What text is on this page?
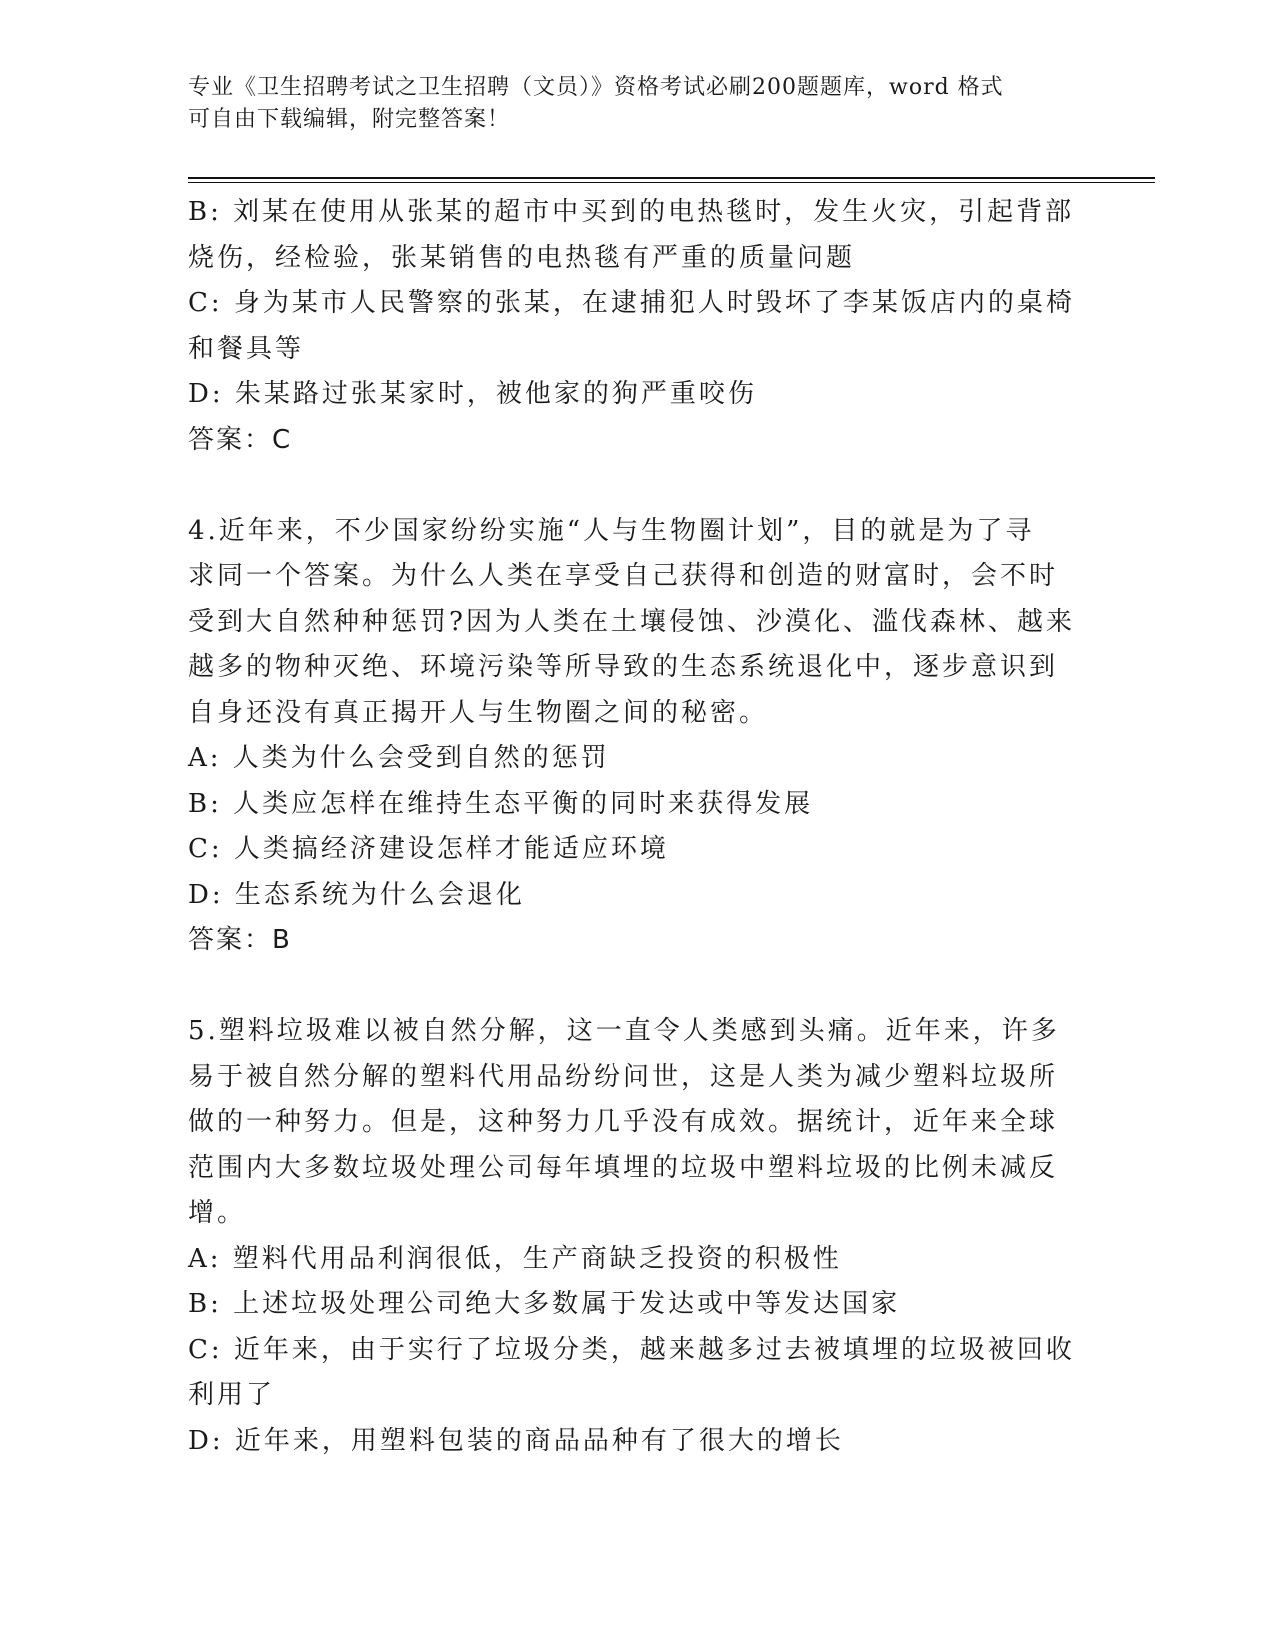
专业《卫生招聘考试之卫生招聘（文员）》资格考试必刷200题题库，word 格式
可自由下载编辑，附完整答案！
B: 刘某在使用从张某的超市中买到的电热毯时，发生火灾，引起背部
烧伤，经检验，张某销售的电热毯有严重的质量问题
C: 身为某市人民警察的张某，在逮捕犯人时毁坏了李某饭店内的桌椅
和餐具等
D: 朱某路过张某家时，被他家的狗严重咬伤
答案：C
4.近年来，不少国家纷纷实施“人与生物圈计划”，目的就是为了寻
求同一个答案。为什么人类在享受自己获得和创造的财富时，会不时
受到大自然种种惩罚?因为人类在土壤侵蚀、沙漠化、滥伐森林、越来
越多的物种灭绝、环境污染等所导致的生态系统退化中，逐步意识到
自身还没有真正揭开人与生物圈之间的秘密。
A: 人类为什么会受到自然的惩罚
B: 人类应怎样在维持生态平衡的同时来获得发展
C: 人类搞经济建设怎样才能适应环境
D: 生态系统为什么会退化
答案：B
5.塑料垃圾难以被自然分解，这一直令人类感到头痛。近年来，许多
易于被自然分解的塑料代用品纷纷问世，这是人类为减少塑料垃圾所
做的一种努力。但是，这种努力几乎没有成效。据统计，近年来全球
范围内大多数垃圾处理公司每年填埋的垃圾中塑料垃圾的比例未减反
增。
A: 塑料代用品利润很低，生产商缺乏投资的积极性
B: 上述垃圾处理公司绝大多数属于发达或中等发达国家
C: 近年来，由于实行了垃圾分类，越来越多过去被填埋的垃圾被回收
利用了
D: 近年来，用塑料包装的商品品种有了很大的增长
